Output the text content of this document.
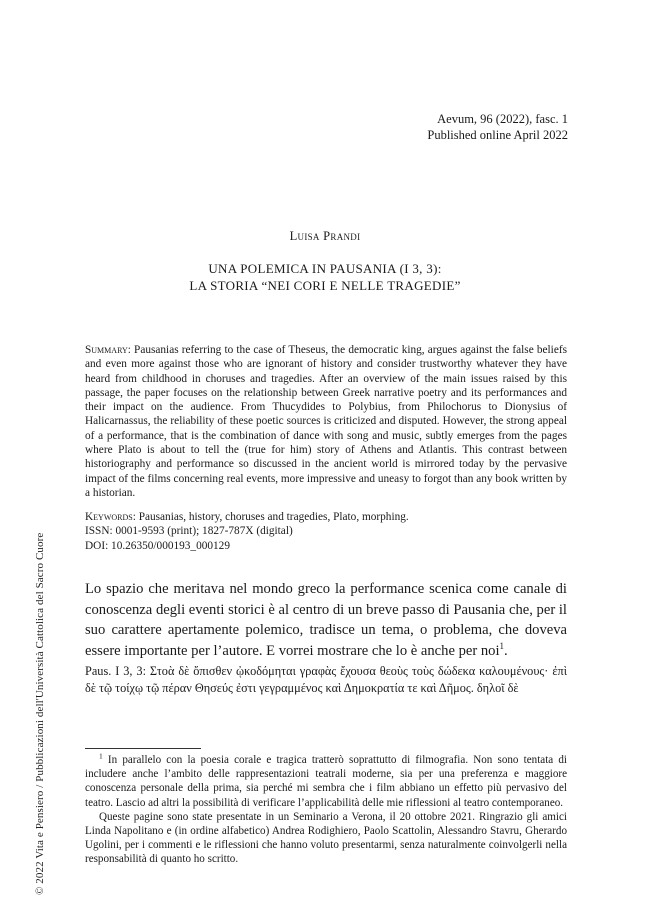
© 2022 Vita e Pensiero / Pubblicazioni dell'Università Cattolica del Sacro Cuore
Aevum, 96 (2022), fasc. 1
Published online April 2022
Luisa Prandi
UNA POLEMICA IN PAUSANIA (I 3, 3):
LA STORIA “NEI CORI E NELLE TRAGEDIE”

Summary: Pausanias referring to the case of Theseus, the democratic king, argues against the false beliefs and even more against those who are ignorant of history and consider trustworthy whatever they have heard from childhood in choruses and tragedies. After an overview of the main issues raised by this passage, the paper focuses on the relationship between Greek narrative poetry and its performances and their impact on the audience. From Thucydides to Polybius, from Philochorus to Dionysius of Halicarnassus, the reliability of these poetic sources is criticized and disputed. However, the strong appeal of a performance, that is the combination of dance with song and music, subtly emerges from the pages where Plato is about to tell the (true for him) story of Athens and Atlantis. This contrast between historiography and performance so discussed in the ancient world is mirrored today by the pervasive impact of the films concerning real events, more impressive and uneasy to forgot than any book written by a historian.

Keywords: Pausanias, history, choruses and tragedies, Plato, morphing.
ISSN: 0001-9593 (print); 1827-787X (digital)
DOI: 10.26350/000193_000129

Lo spazio che meritava nel mondo greco la performance scenica come canale di conoscenza degli eventi storici è al centro di un breve passo di Pausania che, per il suo carattere apertamente polemico, tradisce un tema, o problema, che doveva essere importante per l’autore. E vorrei mostrare che lo è anche per noi$^1$.

Paus. I 3, 3: Στοὰ δὲ ὄπισθεν ᾠκοδόμηται γραφὰς ἔχουσα θεοὺς τοὺς δώδεκα καλουμένους· ἐπὶ δὲ τῷ τοίχῳ τῷ πέραν Θησεύς ἐστι γεγραμμένος καὶ Δημοκρατία τε καὶ Δῆμος. δηλοῖ δὲ

$^1$ In parallelo con la poesia corale e tragica tratterò soprattutto di filmografia. Non sono tentata di includere anche l’ambito delle rappresentazioni teatrali moderne, sia per una preferenza e maggiore conoscenza personale della prima, sia perché mi sembra che i film abbiano un effetto più pervasivo del teatro. Lascio ad altri la possibilità di verificare l’applicabilità delle mie riflessioni al teatro contemporaneo.

Queste pagine sono state presentate in un Seminario a Verona, il 20 ottobre 2021. Ringrazio gli amici Linda Napolitano e (in ordine alfabetico) Andrea Rodighiero, Paolo Scattolin, Alessandro Stavru, Gherardo Ugolini, per i commenti e le riflessioni che hanno voluto presentarmi, senza naturalmente coinvolgerli nella responsabilità di quanto ho scritto.
